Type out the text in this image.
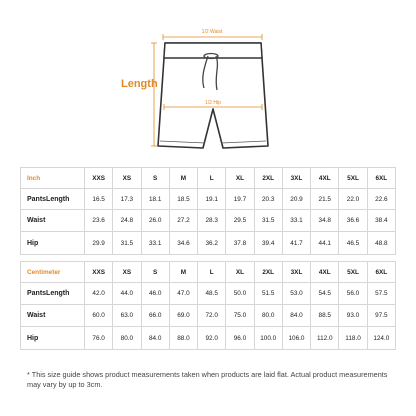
1/2 Waist
1/2 Hip
Length
Inch	XXS	XS	S	M	L	XL	2XL	3XL	4XL	5XL	6XL
PantsLength	16.5	17.3	18.1	18.5	19.1	19.7	20.3	20.9	21.5	22.0	22.6
Waist	23.6	24.8	26.0	27.2	28.3	29.5	31.5	33.1	34.8	36.6	38.4
Hip	29.9	31.5	33.1	34.6	36.2	37.8	39.4	41.7	44.1	46.5	48.8
Centimeter	XXS	XS	S	M	L	XL	2XL	3XL	4XL	5XL	6XL
PantsLength	42.0	44.0	46.0	47.0	48.5	50.0	51.5	53.0	54.5	56.0	57.5
Waist	60.0	63.0	66.0	69.0	72.0	75.0	80.0	84.0	88.5	93.0	97.5
Hip	76.0	80.0	84.0	88.0	92.0	96.0	100.0	106.0	112.0	118.0	124.0
* This size guide shows product measurements taken when products are laid flat. Actual product measurements may vary by up to 3cm.
